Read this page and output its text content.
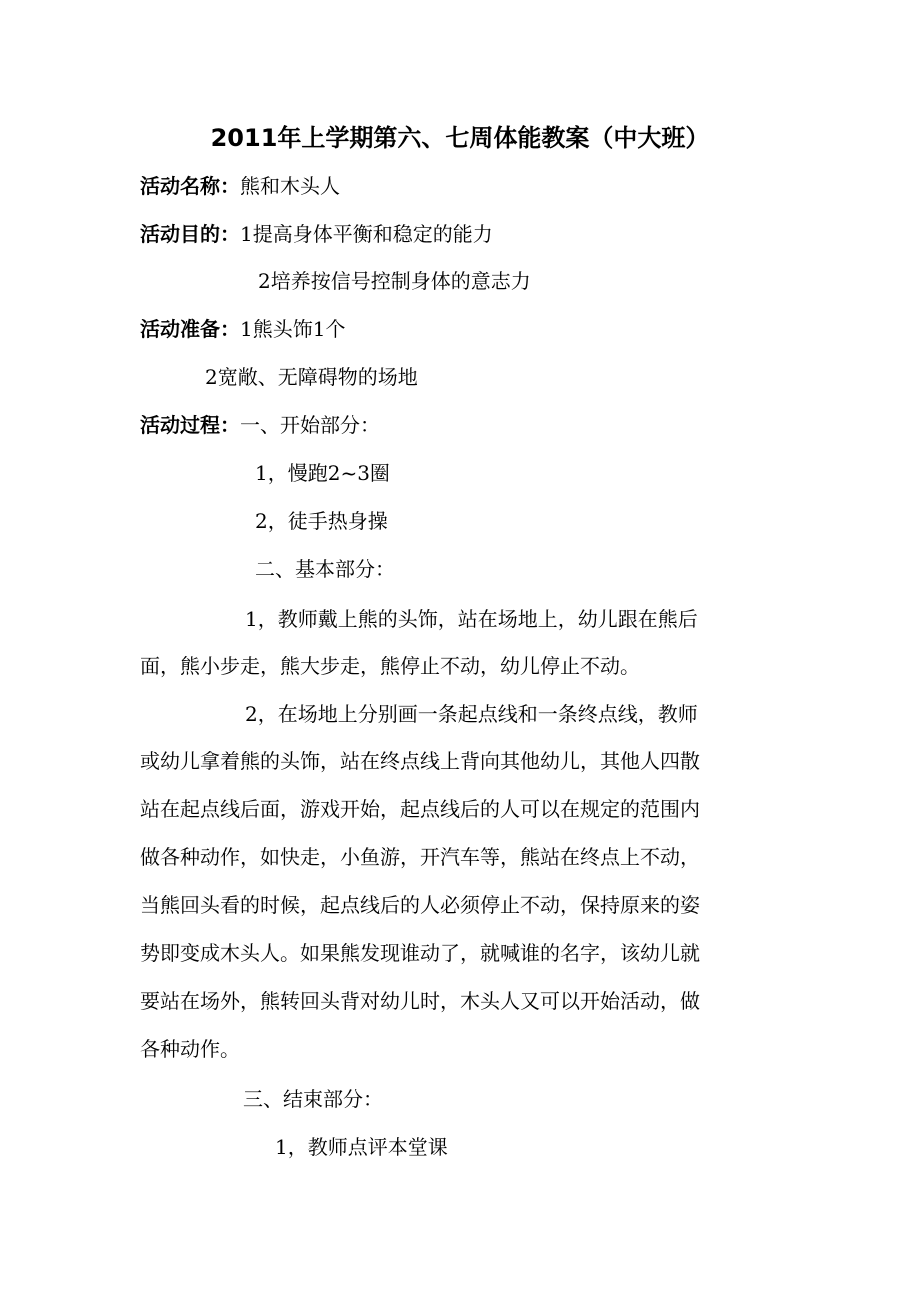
2011年上学期第六、七周体能教案（中大班）
活动名称：熊和木头人
活动目的：1提高身体平衡和稳定的能力
2培养按信号控制身体的意志力
活动准备：1熊头饰1个
2宽敞、无障碍物的场地
活动过程：一、开始部分：
1，慢跑2~3圈
2，徒手热身操
二、基本部分：
1，教师戴上熊的头饰，站在场地上，幼儿跟在熊后
面，熊小步走，熊大步走，熊停止不动，幼儿停止不动。
2，在场地上分别画一条起点线和一条终点线，教师
或幼儿拿着熊的头饰，站在终点线上背向其他幼儿，其他人四散
站在起点线后面，游戏开始，起点线后的人可以在规定的范围内
做各种动作，如快走，小鱼游，开汽车等，熊站在终点上不动，
当熊回头看的时候，起点线后的人必须停止不动，保持原来的姿
势即变成木头人。如果熊发现谁动了，就喊谁的名字，该幼儿就
要站在场外，熊转回头背对幼儿时，木头人又可以开始活动，做
各种动作。
三、结束部分：
1，教师点评本堂课
